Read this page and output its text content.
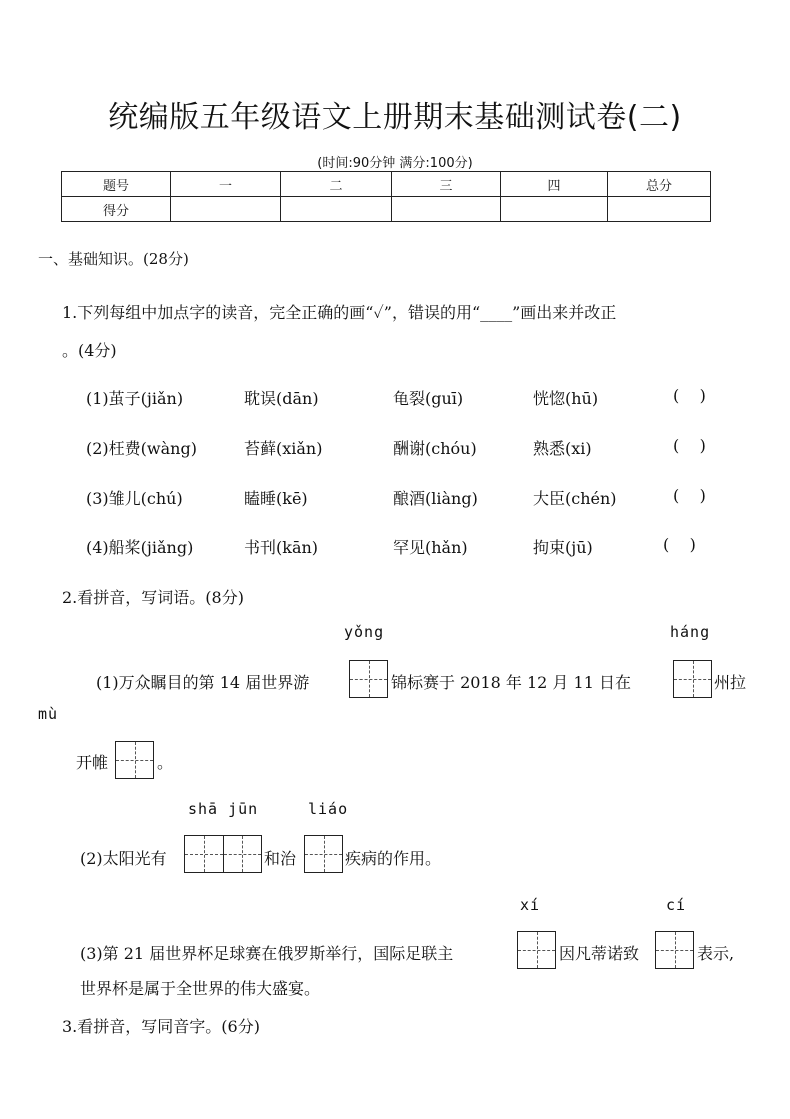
统编版五年级语文上册期末基础测试卷(二)
(时间:90分钟 满分:100分)
题号	一	二	三	四	总分
得分					
一、基础知识。(28分)
1.下列每组中加点字的读音，完全正确的画“✓”，错误的用“____”画出来并改正
。(4分)
(1)茧子(jiǎn)	耽误(dān)	龟裂(guī)	恍惚(hū)	(    )
(2)枉费(wàng)	苔藓(xiǎn)	酬谢(chóu)	熟悉(xi)	(    )
(3)雏儿(chú)	瞌睡(kē)	酿酒(liàng)	大臣(chén)	(    )
(4)船桨(jiǎng)	书刊(kān)	罕见(hǎn)	拘束(jū)	(    )
2.看拼音，写词语。(8分)
yǒng	háng
(1)万众瞩目的第 14 届世界游	锦标赛于 2018 年 12 月 11 日在	州拉
mù
开帷	。
shā jūn	liáo
(2)太阳光有	和治	疾病的作用。
xí	cí
(3)第 21 届世界杯足球赛在俄罗斯举行，国际足联主	因凡蒂诺致	表示,
世界杯是属于全世界的伟大盛宴。
3.看拼音，写同音字。(6分)
